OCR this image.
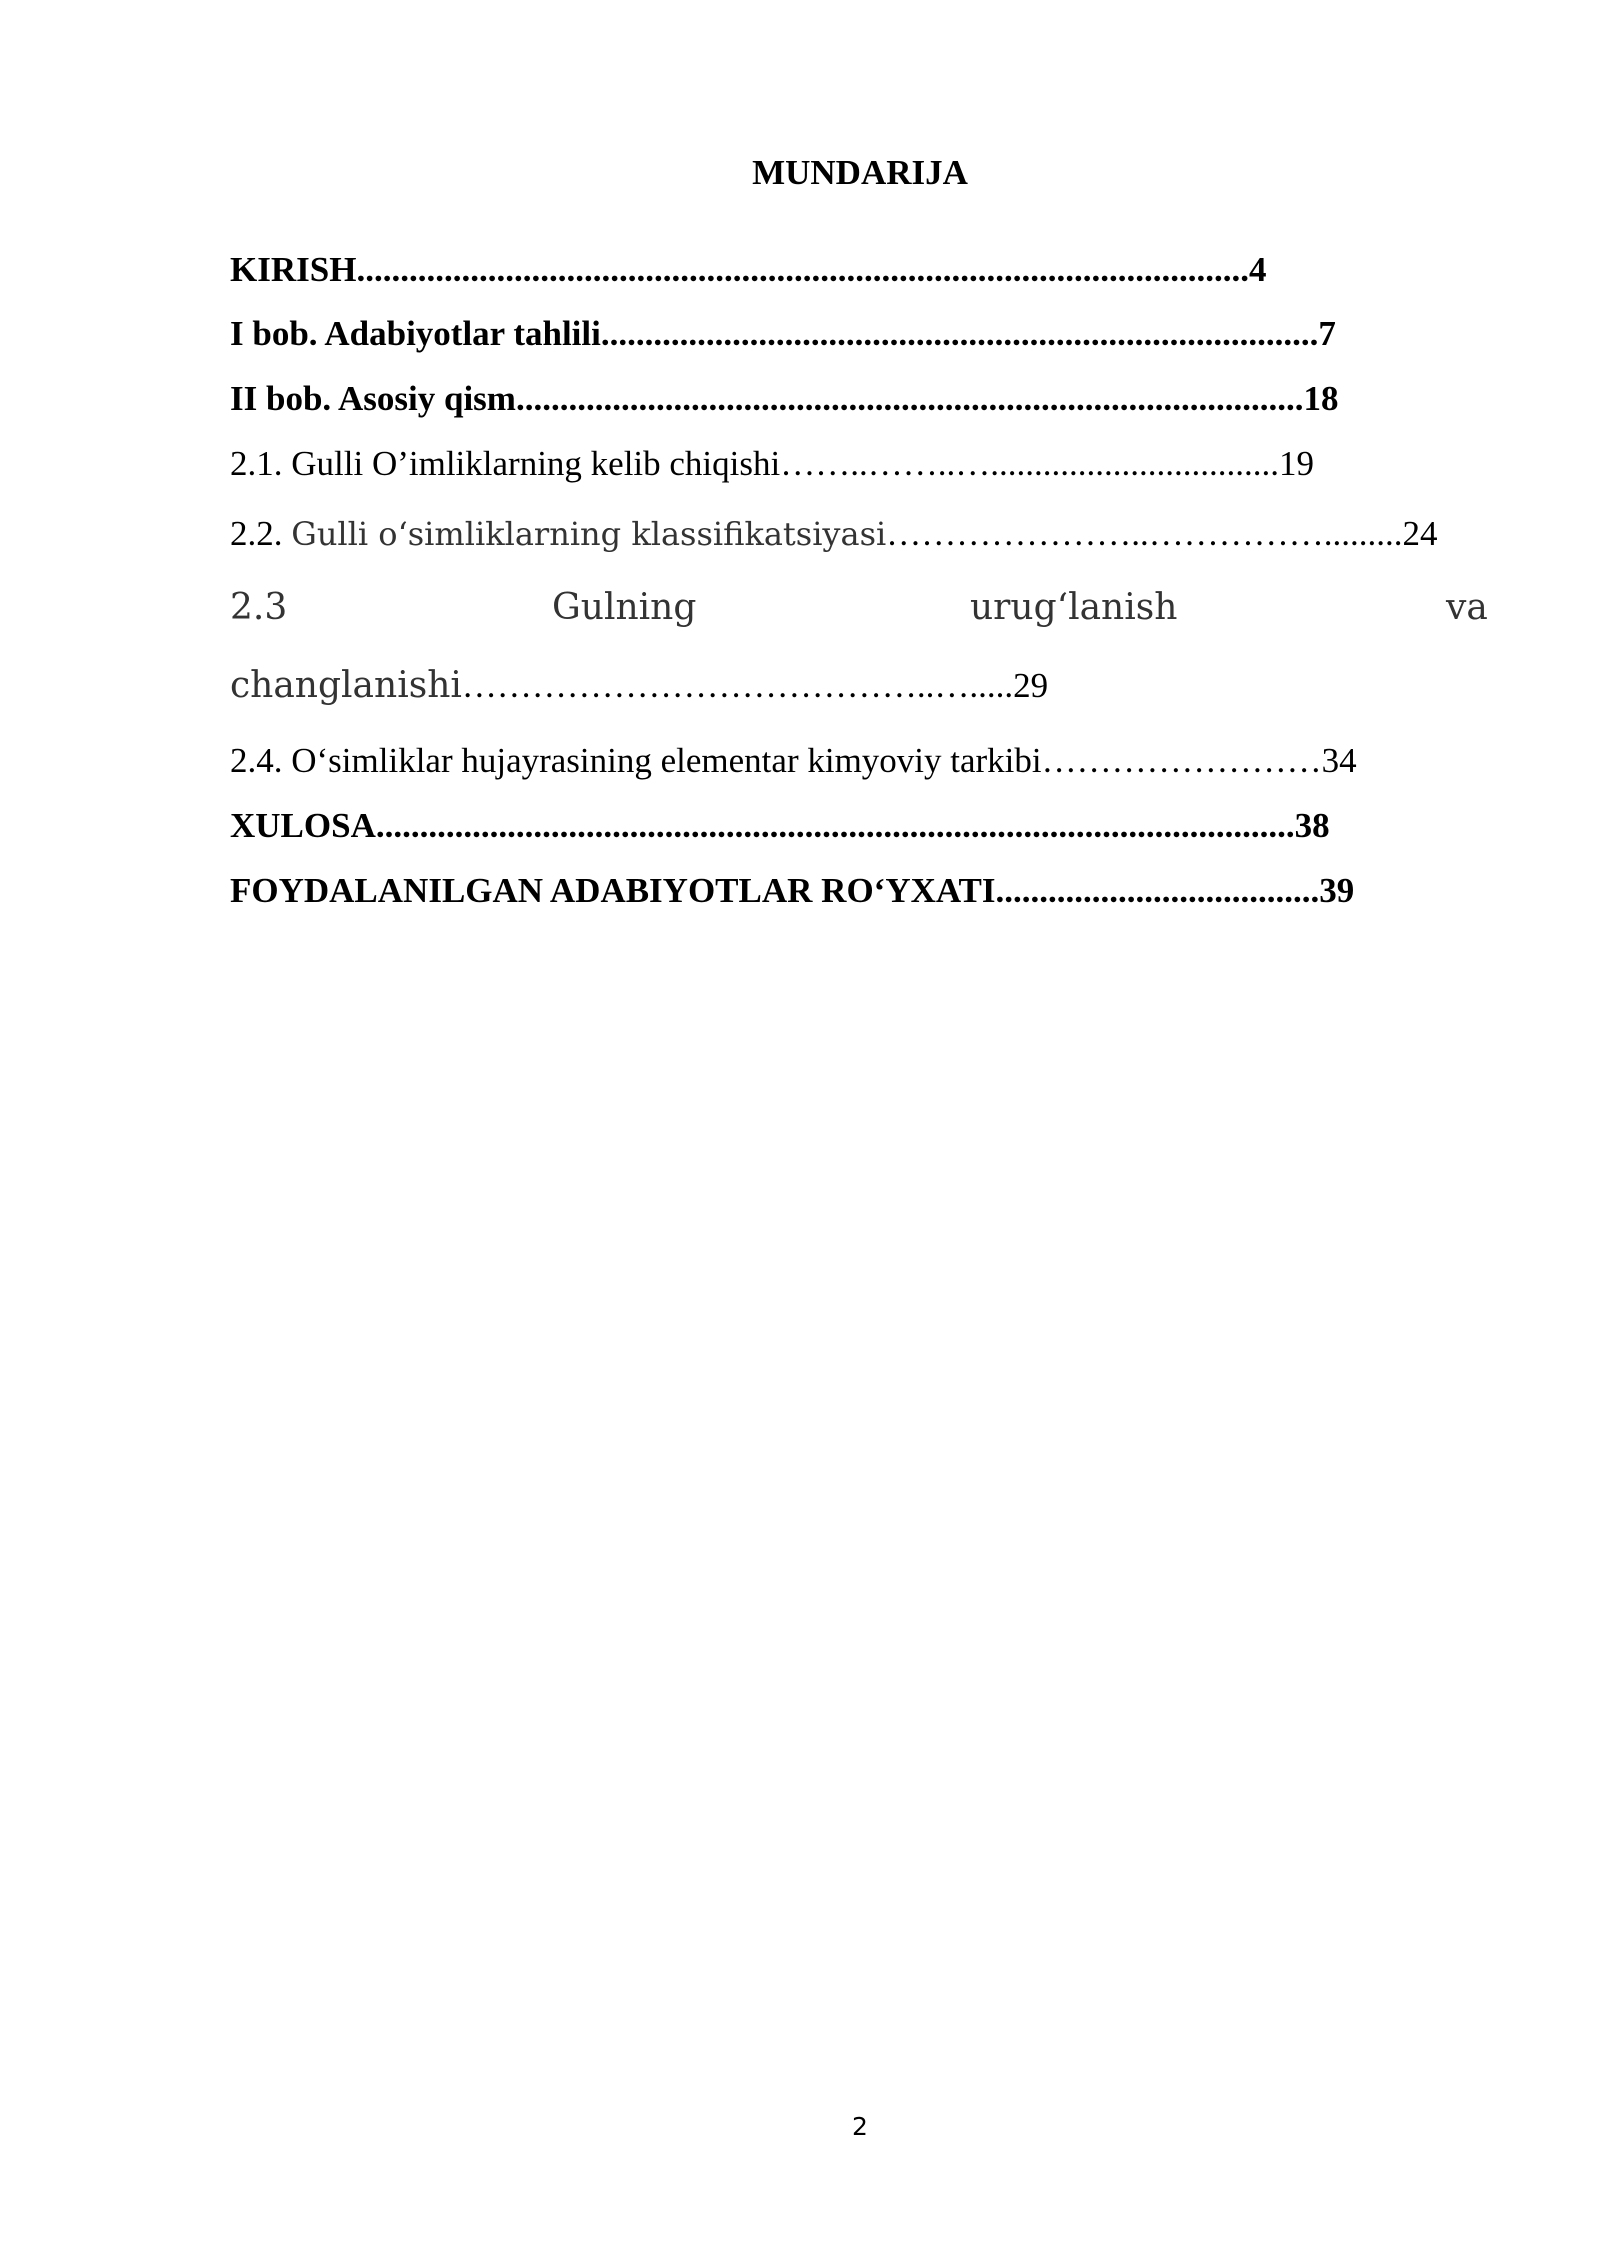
MUNDARIJA
KIRISH......................................................................................................4
I bob. Adabiyotlar tahlili..................................................................................7
II bob. Asosiy qism..........................................................................................18
2.1. Gulli O’imliklarning kelib chiqishi……..……..….................................19
2.2. Gulli o‘simliklarning klassifikatsiyasi…………………..…………….........24
2.3	Gulning	urug‘lanish	va
changlanishi…………………………………..….....29
2.4. O‘simliklar hujayrasining elementar kimyoviy tarkibi……………………34
XULOSA.........................................................................................................38
FOYDALANILGAN ADABIYOTLAR RO‘YXATI.....................................39
2
